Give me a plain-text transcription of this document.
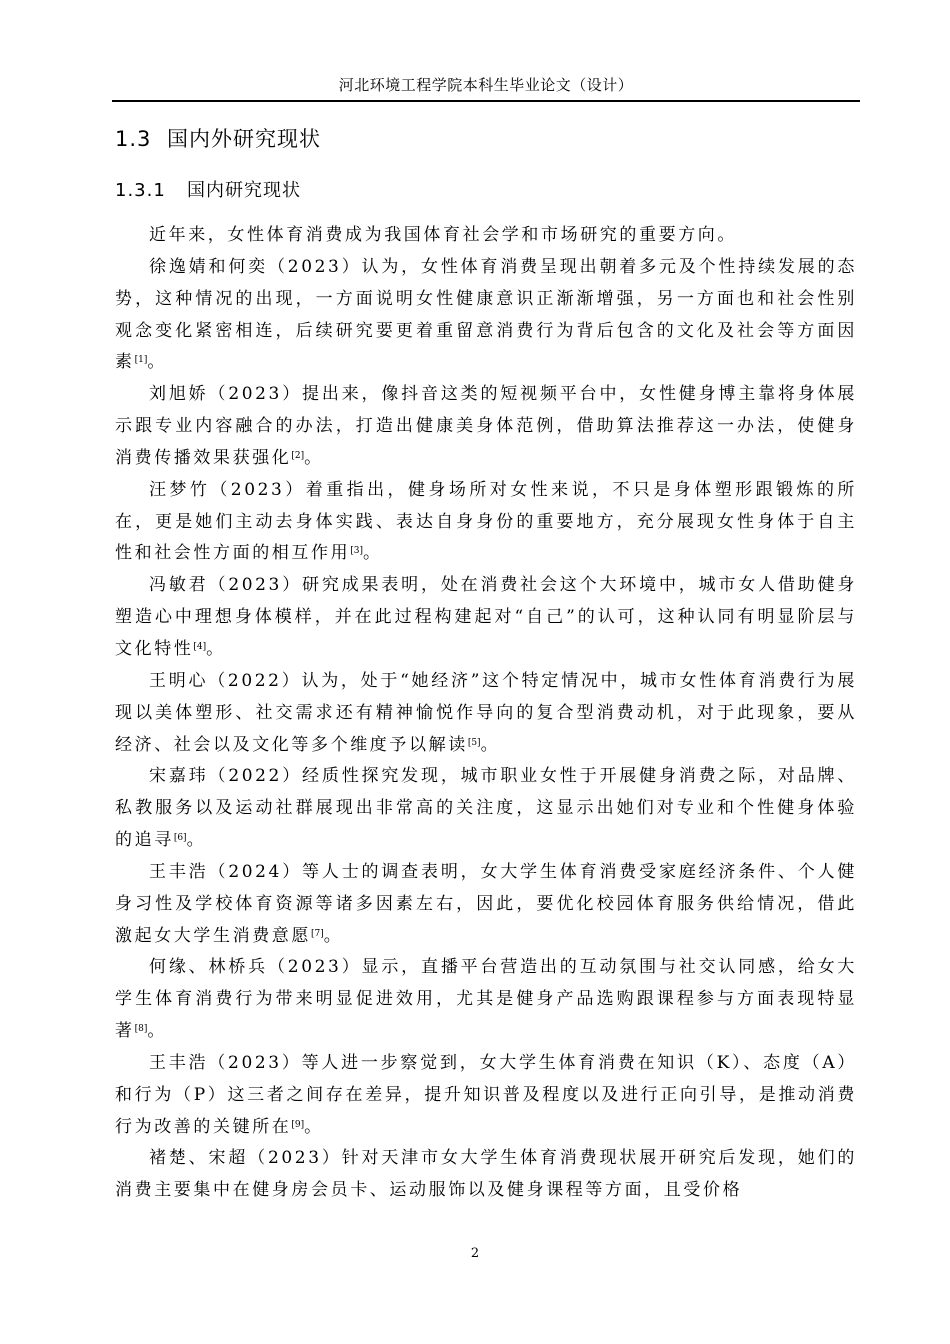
河北环境工程学院本科生毕业论文（设计）
1.3 国内外研究现状
1.3.1 国内研究现状

近年来，女性体育消费成为我国体育社会学和市场研究的重要方向。

徐逸婧和何奕（2023）认为，女性体育消费呈现出朝着多元及个性持续发展的态势，这种情况的出现，一方面说明女性健康意识正渐渐增强，另一方面也和社会性别观念变化紧密相连，后续研究要更着重留意消费行为背后包含的文化及社会等方面因素[1]。

刘旭娇（2023）提出来，像抖音这类的短视频平台中，女性健身博主靠将身体展示跟专业内容融合的办法，打造出健康美身体范例，借助算法推荐这一办法，使健身消费传播效果获强化[2]。

汪梦竹（2023）着重指出，健身场所对女性来说，不只是身体塑形跟锻炼的所在，更是她们主动去身体实践、表达自身身份的重要地方，充分展现女性身体于自主性和社会性方面的相互作用[3]。

冯敏君（2023）研究成果表明，处在消费社会这个大环境中，城市女人借助健身塑造心中理想身体模样，并在此过程构建起对“自己”的认可，这种认同有明显阶层与文化特性[4]。

王明心（2022）认为，处于“她经济”这个特定情况中，城市女性体育消费行为展现以美体塑形、社交需求还有精神愉悦作导向的复合型消费动机，对于此现象，要从经济、社会以及文化等多个维度予以解读[5]。

宋嘉玮（2022）经质性探究发现，城市职业女性于开展健身消费之际，对品牌、私教服务以及运动社群展现出非常高的关注度，这显示出她们对专业和个性健身体验的追寻[6]。

王丰浩（2024）等人士的调查表明，女大学生体育消费受家庭经济条件、个人健身习性及学校体育资源等诸多因素左右，因此，要优化校园体育服务供给情况，借此激起女大学生消费意愿[7]。

何缘、林桥兵（2023）显示，直播平台营造出的互动氛围与社交认同感，给女大学生体育消费行为带来明显促进效用，尤其是健身产品选购跟课程参与方面表现特显著[8]。

王丰浩（2023）等人进一步察觉到，女大学生体育消费在知识（K）、态度（A）和行为（P）这三者之间存在差异，提升知识普及程度以及进行正向引导，是推动消费行为改善的关键所在[9]。

褚楚、宋超（2023）针对天津市女大学生体育消费现状展开研究后发现，她们的消费主要集中在健身房会员卡、运动服饰以及健身课程等方面，且受价格

2
